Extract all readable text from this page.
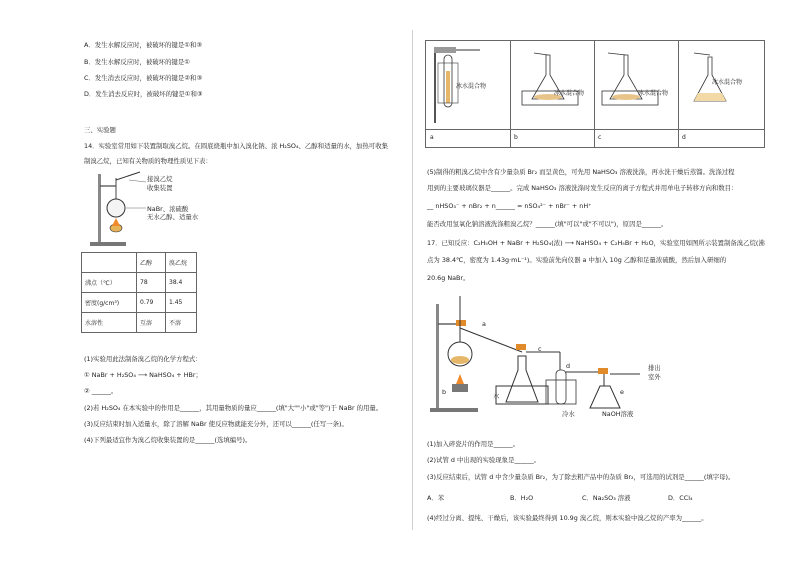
A．发生水解反应时，被破坏的键是①和③
B．发生水解反应时，被破坏的键是①
C．发生消去反应时，被破坏的键是②和③
D．发生消去反应时，被破坏的键是①和③
三、实验题
14．实验室常用如下装置制取溴乙烷。在圆底烧瓶中加入溴化钠、浓 H₂SO₄、乙醇和适量的水，加热可收集
制溴乙烷，已知有关物质的物理性质见下表：
接溴乙烷
收集装置
NaBr、浓硫酸
无水乙醇、适量水
	乙醇	溴乙烷
沸点（℃）	78	38.4
密度(g/cm³)	0.79	1.45
水溶性	互溶	不溶
(1)实验用此法制备溴乙烷的化学方程式：
① NaBr + H₂SO₄ ⟶ NaHSO₄ + HBr；
② ______。
(2)若 H₂SO₄ 在本实验中的作用是______，其用量物质的量应______(填"大""小"或"等")于 NaBr 的用量。
(3)反应结束时加入适量水，除了溶解 NaBr 使反应物就能充分外，还可以______(任写一条)。
(4)下列最适宜作为溴乙烷收集装置的是______(选填编号)。
冰水混合物
冰水混合物	冰水混合物
冰水混合物
a	b	c	d
(5)制得的粗溴乙烷中含有少量杂质 Br₂ 而呈黄色，可先用 NaHSO₃ 溶液洗涤，再水洗干燥后蒸馏。洗涤过程
用到的主要玻璃仪器是______。完成 NaHSO₃ 溶液洗涤时发生反应的离子方程式并用单电子转移方向和数目：
__ nHSO₃⁻ + nBr₂ + n______ = nSO₄²⁻ + nBr⁻ + nH⁺
能否改用氢氧化钠溶液洗涤粗溴乙烷？______(填"可以"或"不可以")，原因是______。
17．已知反应：C₂H₅OH + NaBr + H₂SO₄(浓) ⟶ NaHSO₄ + C₂H₅Br + H₂O，实验室用如图所示装置制备溴乙烷(沸
点为 38.4℃，密度为 1.43g·mL⁻¹)。实验前先向仪器 a 中加入 10g 乙醇和足量浓硫酸，然后加入研细的
20.6g NaBr。
a
b
c
d
e
水
冷水	NaOH溶液
排出
室外
(1)加入碎瓷片的作用是______。
(2)试管 d 中出现的实验现象是______。
(3)反应结束后，试管 d 中含少量杂质 Br₂，为了除去粗产品中的杂质 Br₂，可选用的试剂是______(填字母)。
A．苯	B．H₂O	C．Na₂SO₃ 溶液	D．CCl₄
(4)经过分离、提纯、干燥后，该实验最终得到 10.9g 溴乙烷，则本实验中溴乙烷的产率为______。
